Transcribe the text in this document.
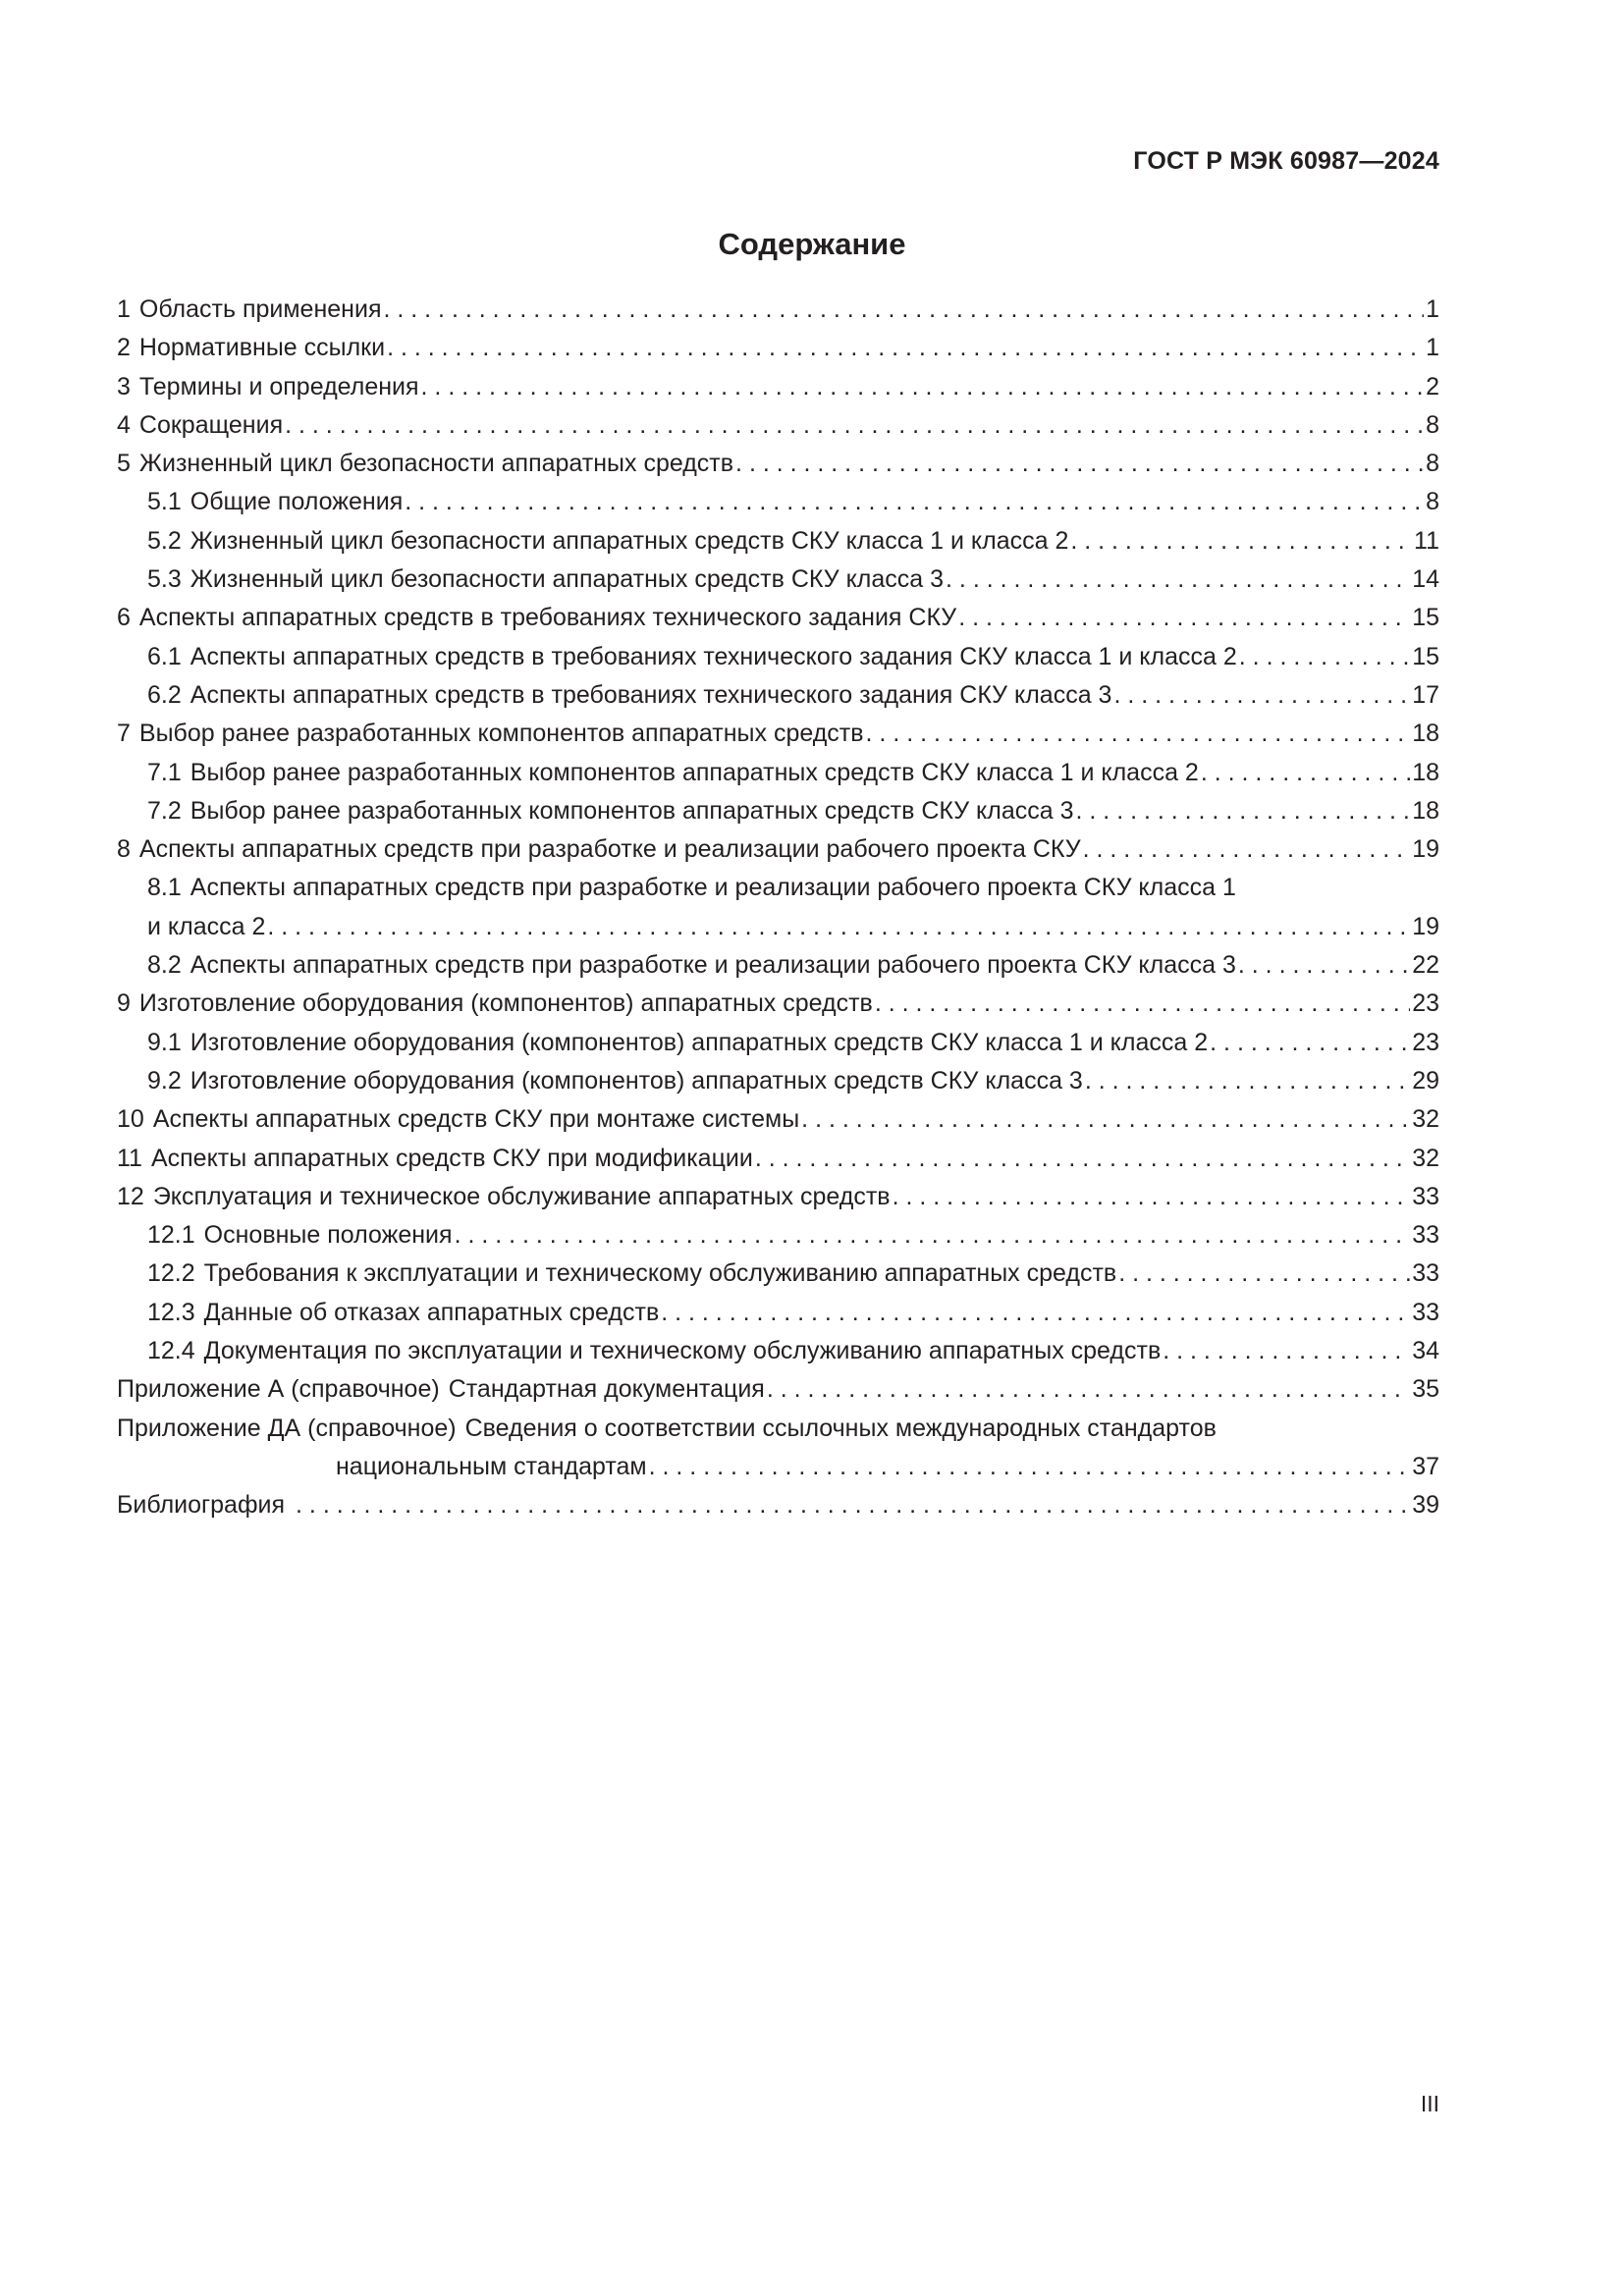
ГОСТ Р МЭК 60987—2024
Содержание
1 Область применения . . .	1
2 Нормативные ссылки . . .	1
3 Термины и определения . . .	2
4 Сокращения . . .	8
5 Жизненный цикл безопасности аппаратных средств . . .	8
5.1 Общие положения . . .	8
5.2 Жизненный цикл безопасности аппаратных средств СКУ класса 1 и класса 2 . . .	11
5.3 Жизненный цикл безопасности аппаратных средств СКУ класса 3 . . .	14
6 Аспекты аппаратных средств в требованиях технического задания СКУ . . .	15
6.1 Аспекты аппаратных средств в требованиях технического задания СКУ класса 1 и класса 2 . . .	15
6.2 Аспекты аппаратных средств в требованиях технического задания СКУ класса 3 . . .	17
7 Выбор ранее разработанных компонентов аппаратных средств . . .	18
7.1 Выбор ранее разработанных компонентов аппаратных средств СКУ класса 1 и класса 2 . . .	18
7.2 Выбор ранее разработанных компонентов аппаратных средств СКУ класса 3 . . .	18
8 Аспекты аппаратных средств при разработке и реализации рабочего проекта СКУ . . .	19
8.1 Аспекты аппаратных средств при разработке и реализации рабочего проекта СКУ класса 1
и класса 2 . . .	19
8.2 Аспекты аппаратных средств при разработке и реализации рабочего проекта СКУ класса 3 . . .	22
9 Изготовление оборудования (компонентов) аппаратных средств . . .	23
9.1 Изготовление оборудования (компонентов) аппаратных средств СКУ класса 1 и класса 2 . . .	23
9.2 Изготовление оборудования (компонентов) аппаратных средств СКУ класса 3 . . .	29
10 Аспекты аппаратных средств СКУ при монтаже системы . . .	32
11 Аспекты аппаратных средств СКУ при модификации . . .	32
12 Эксплуатация и техническое обслуживание аппаратных средств . . .	33
12.1 Основные положения . . .	33
12.2 Требования к эксплуатации и техническому обслуживанию аппаратных средств . . .	33
12.3 Данные об отказах аппаратных средств . . .	33
12.4 Документация по эксплуатации и техническому обслуживанию аппаратных средств . . .	34
Приложение А (справочное) Стандартная документация . . .	35
Приложение ДА (справочное) Сведения о соответствии ссылочных международных стандартов
национальным стандартам . . .	37
Библиография . . .	39
III
